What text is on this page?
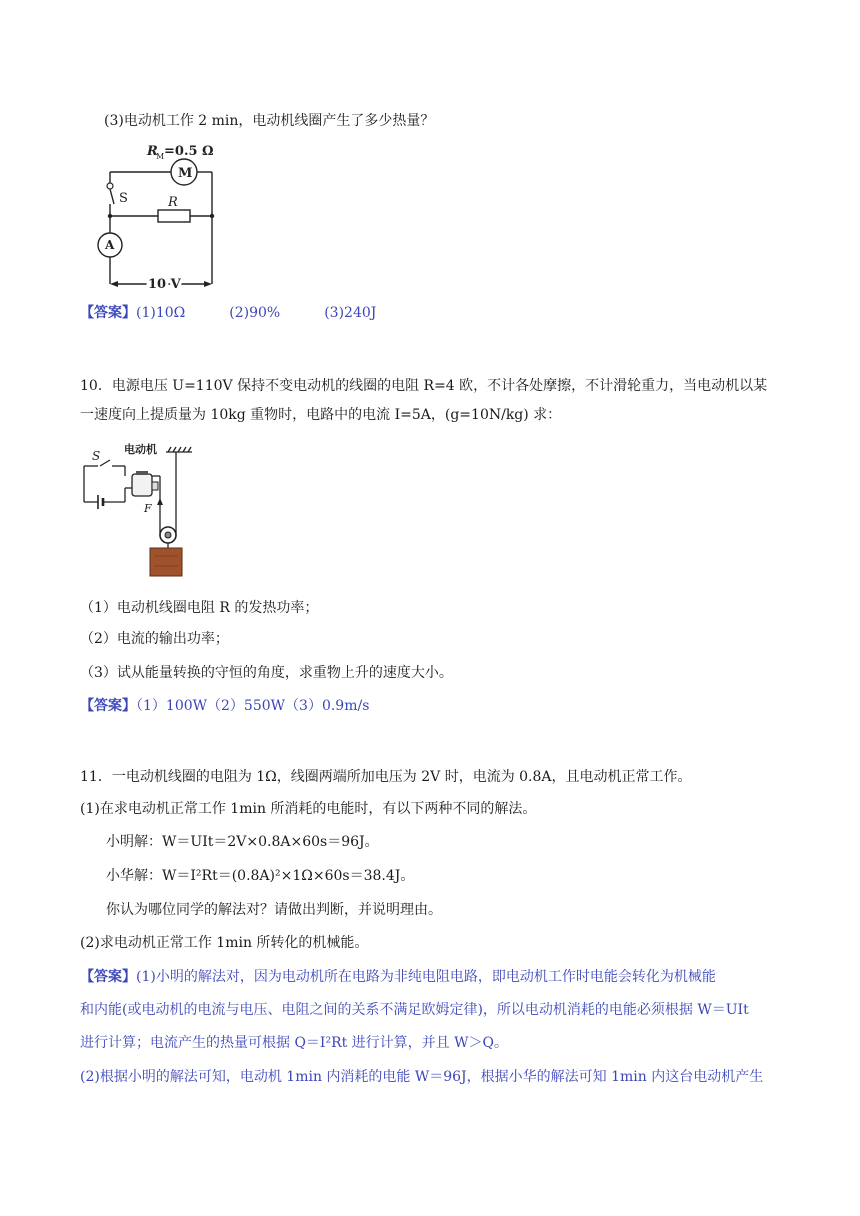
(3)电动机工作 2 min，电动机线圈产生了多少热量？
R
M =0.5 Ω
M
S	R
A
10 V
【答案】(1)10Ω	(2)90%	(3)240J
10．电源电压 U=110V 保持不变电动机的线圈的电阻 R=4 欧，不计各处摩擦，不计滑轮重力，当电动机以某
一速度向上提质量为 10kg 重物时，电路中的电流 I=5A，(g=10N/kg) 求：
S 电动机
F
（1）电动机线圈电阻 R 的发热功率；
（2）电流的输出功率；
（3）试从能量转换的守恒的角度，求重物上升的速度大小。
【答案】（1）100W（2）550W（3）0.9m/s
11．一电动机线圈的电阻为 1Ω，线圈两端所加电压为 2V 时，电流为 0.8A，且电动机正常工作。
(1)在求电动机正常工作 1min 所消耗的电能时，有以下两种不同的解法。
小明解：W＝UIt＝2V×0.8A×60s＝96J。
小华解：W＝I²Rt＝(0.8A)²×1Ω×60s＝38.4J。
你认为哪位同学的解法对？请做出判断，并说明理由。
(2)求电动机正常工作 1min 所转化的机械能。
【答案】(1)小明的解法对，因为电动机所在电路为非纯电阻电路，即电动机工作时电能会转化为机械能
和内能(或电动机的电流与电压、电阻之间的关系不满足欧姆定律)，所以电动机消耗的电能必须根据 W＝UIt
进行计算；电流产生的热量可根据 Q＝I²Rt 进行计算，并且 W＞Q。
(2)根据小明的解法可知，电动机 1min 内消耗的电能 W＝96J，根据小华的解法可知 1min 内这台电动机产生
